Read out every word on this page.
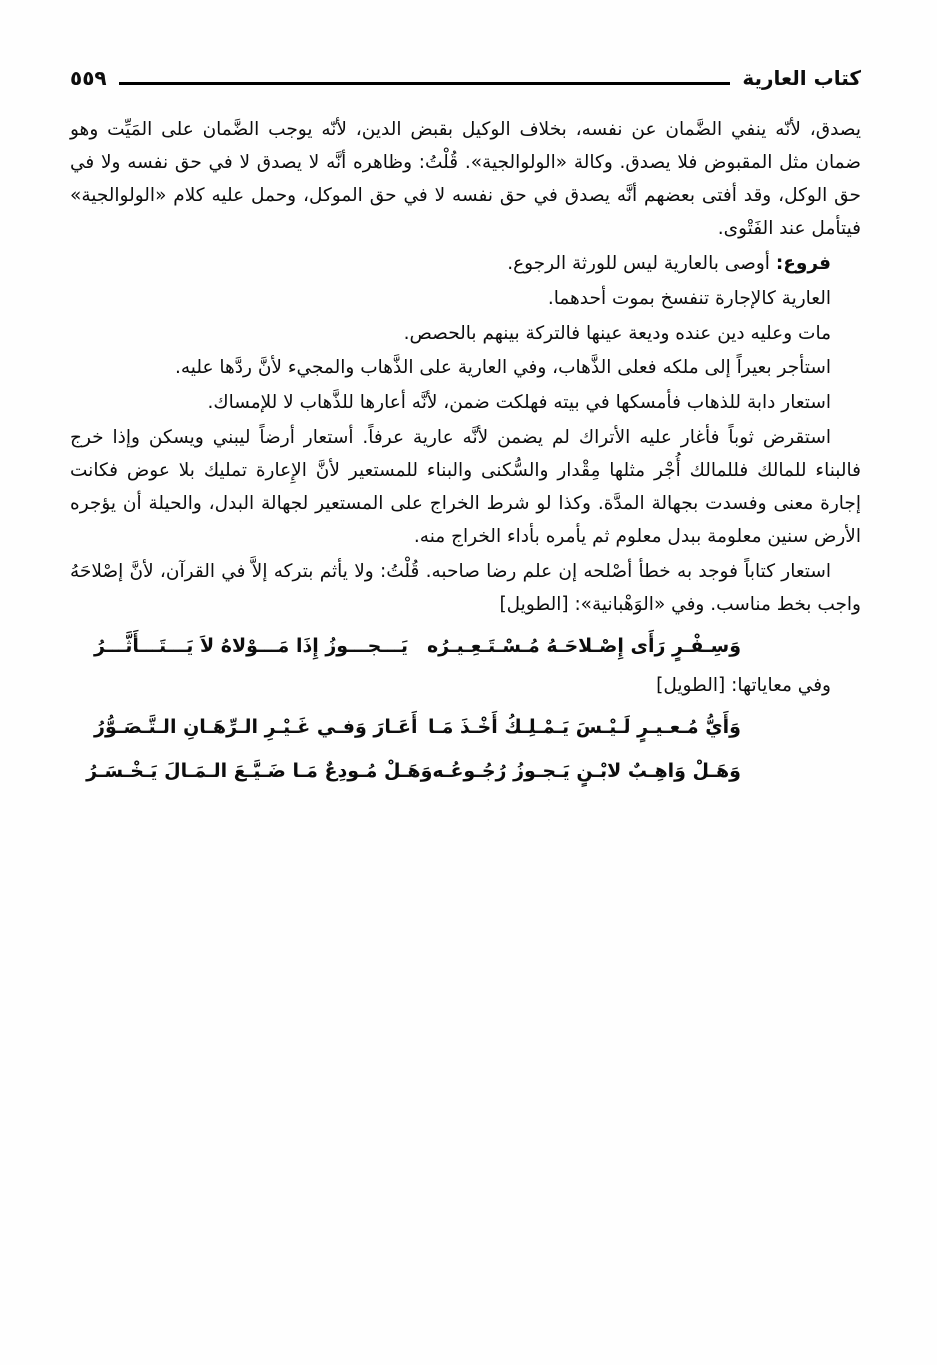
٥٥٩	كتاب العارية

يصدق، لأنّه ينفي الضَّمان عن نفسه، بخلاف الوكيل بقبض الدين، لأنّه يوجب الضَّمان على المَيِّت وهو ضمان مثل المقبوض فلا يصدق. وكالة «الولوالجية». قُلْتُ: وظاهره أنَّه لا يصدق لا في حق نفسه ولا في حق الوكل، وقد أفتى بعضهم أنَّه يصدق في حق نفسه لا في حق الموكل، وحمل عليه كلام «الولوالجية» فيتأمل عند الفَتْوى.

فروع: أوصى بالعارية ليس للورثة الرجوع.

العارية كالإجارة تنفسخ بموت أحدهما.

مات وعليه دين عنده وديعة عينها فالتركة بينهم بالحصص.

استأجر بعيراً إلى ملكه فعلى الذَّهاب، وفي العارية على الذَّهاب والمجيء لأنَّ ردَّها عليه.

استعار دابة للذهاب فأمسكها في بيته فهلكت ضمن، لأنَّه أعارها للذَّهاب لا للإمساك.

استقرض ثوباً فأغار عليه الأتراك لم يضمن لأنَّه عارية عرفاً. أستعار أرضاً ليبني ويسكن وإذا خرج فالبناء للمالك فللمالك أُجْر مثلها مِقْدار والسُّكنى والبناء للمستعير لأنَّ الإِعارة تمليك بلا عوض فكانت إجارة معنى وفسدت بجهالة المدَّة. وكذا لو شرط الخراج على المستعير لجهالة البدل، والحيلة أن يؤجره الأرض سنين معلومة ببدل معلوم ثم يأمره بأداء الخراج منه.

استعار كتاباً فوجد به خطأ أصْلحه إن علم رضا صاحبه. قُلْتُ: ولا يأثم بتركه إلاَّ في القرآن، لأنَّ إصْلاحَهُ واجب بخط مناسب. وفي «الوَهْبانية»: [الطويل]

وَسِـفْـرٍ رَأَى إِصْـلاحَـهُ مُـسْـتَـعِـيـرُه
يَـــجـــوزُ إِذَا مَـــوْلاهُ لاَ يَـــتَـــأَثَّـــرُ

وفي معاياتها: [الطويل]

وَأَيُّ مُـعـيـرٍ لَـيْـسَ يَـمْـلِـكُ أَخْـذَ مَـا
أَعَـارَ وَفـي غَـيْـرِ الـرِّهَـانِ الـتَّـصَـوُّرُ
وَهَـلْ وَاهِـبٌ لابْـنٍ يَـجـوزُ رُجُـوعُـه
وَهَـلْ مُـودِعٌ مَـا ضَـيَّـعَ الـمَـالَ يَـخْـسَـرُ
